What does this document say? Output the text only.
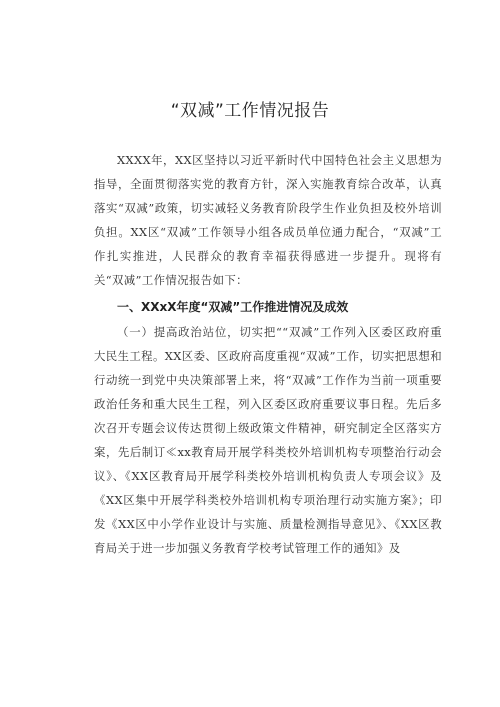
“双减”工作情况报告

XXXX年，XX区坚持以习近平新时代中国特色社会主义思想为指导，全面贯彻落实党的教育方针，深入实施教育综合改革，认真落实“双减”政策，切实减轻义务教育阶段学生作业负担及校外培训负担。XX区“双减”工作领导小组各成员单位通力配合，“双减”工作扎实推进，人民群众的教育幸福获得感进一步提升。现将有关“双减”工作情况报告如下：

一、XXxX年度“双减”工作推进情况及成效

（一）提高政治站位，切实把““双减”工作列入区委区政府重大民生工程。XX区委、区政府高度重视“双减”工作，切实把思想和行动统一到党中央决策部署上来，将“双减”工作作为当前一项重要政治任务和重大民生工程，列入区委区政府重要议事日程。先后多次召开专题会议传达贯彻上级政策文件精神，研究制定全区落实方案，先后制订≪xx教育局开展学科类校外培训机构专项整治行动会议》、《XX区教育局开展学科类校外培训机构负责人专项会议》及《XX区集中开展学科类校外培训机构专项治理行动实施方案》；印发《XX区中小学作业设计与实施、质量检测指导意见》、《XX区教育局关于进一步加强义务教育学校考试管理工作的通知》及
